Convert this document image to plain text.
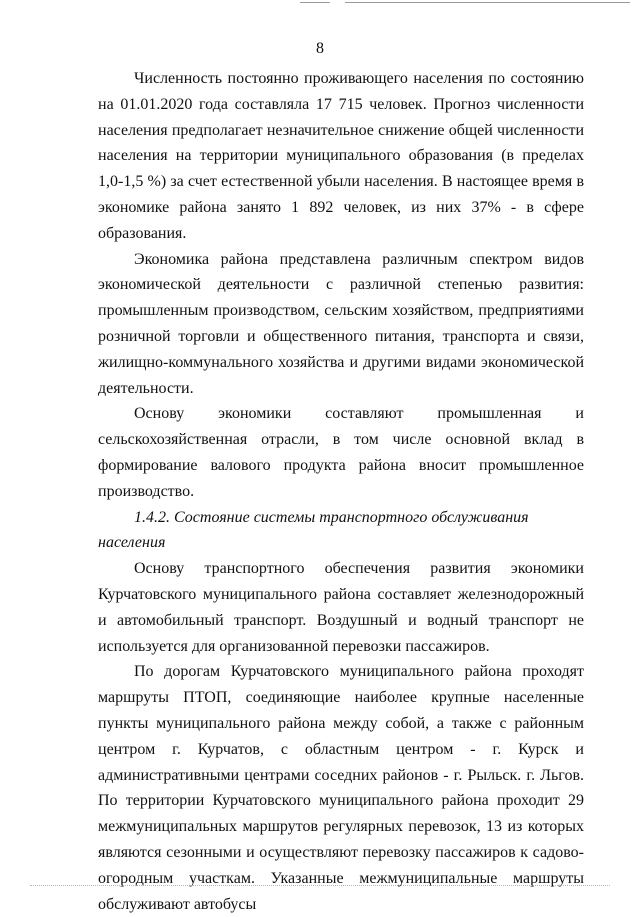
8

Численность постоянно проживающего населения по состоянию на 01.01.2020 года составляла 17 715 человек. Прогноз численности населения предполагает незначительное снижение общей численности населения на территории муниципального образования (в пределах 1,0-1,5 %) за счет естественной убыли населения. В настоящее время в экономике района занято 1 892 человек, из них 37% - в сфере образования.

Экономика района представлена различным спектром видов экономической деятельности с различной степенью развития: промышленным производством, сельским хозяйством, предприятиями розничной торговли и общественного питания, транспорта и связи, жилищно-коммунального хозяйства и другими видами экономической деятельности.

Основу экономики составляют промышленная и сельскохозяйственная отрасли, в том числе основной вклад в формирование валового продукта района вносит промышленное производство.

1.4.2. Состояние системы транспортного обслуживания населения

Основу транспортного обеспечения развития экономики Курчатовского муниципального района составляет железнодорожный и автомобильный транспорт. Воздушный и водный транспорт не используется для организованной перевозки пассажиров.

По дорогам Курчатовского муниципального района проходят маршруты ПТОП, соединяющие наиболее крупные населенные пункты муниципального района между собой, а также с районным центром г. Курчатов, с областным центром - г. Курск и административными центрами соседних районов - г. Рыльск. г. Льгов. По территории Курчатовского муниципального района проходит 29 межмуниципальных маршрутов регулярных перевозок, 13 из которых являются сезонными и осуществляют перевозку пассажиров к садово-огородным участкам. Указанные межмуниципальные маршруты обслуживают автобусы
